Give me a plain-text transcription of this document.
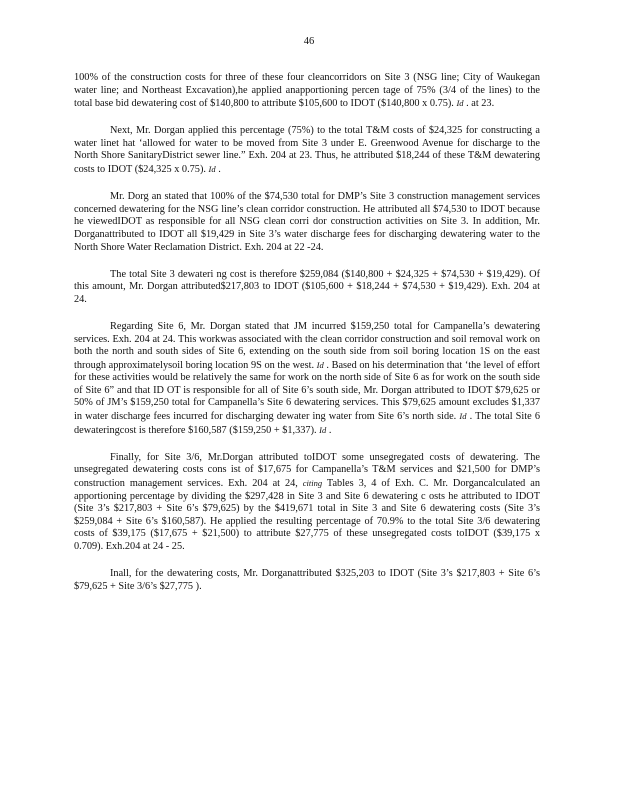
46

100% of the construction costs for three of these four cleancorridors on Site 3 (NSG line; City of Waukegan water line; and Northeast Excavation),he applied anapportioning percen tage of 75% (3/4 of the lines) to the total base bid dewatering cost of $140,800 to attribute $105,600 to IDOT ($140,800 x 0.75). Id . at 23.

Next, Mr. Dorgan applied this percentage (75%) to the total T&M costs of $24,325 for constructing a water linet hat ‘allowed for water to be moved from Site 3 under E. Greenwood Avenue for discharge to the North Shore SanitaryDistrict sewer line.” Exh. 204 at 23. Thus, he attributed $18,244 of these T&M dewatering costs to IDOT ($24,325 x 0.75). Id .

Mr. Dorg an stated that 100% of the $74,530 total for DMP’s Site 3 construction management services concerned dewatering for the NSG line’s clean corridor construction. He attributed all $74,530 to IDOT because he viewedIDOT as responsible for all NSG clean corri dor construction activities on Site 3. In addition, Mr. Dorganattributed to IDOT all $19,429 in Site 3’s water discharge fees for discharging dewatering water to the North Shore Water Reclamation District. Exh. 204 at 22 -24.

The total Site 3 dewateri ng cost is therefore $259,084 ($140,800 + $24,325 + $74,530 + $19,429). Of this amount, Mr. Dorgan attributed$217,803 to IDOT ($105,600 + $18,244 + $74,530 + $19,429). Exh. 204 at 24.

Regarding Site 6, Mr. Dorgan stated that JM incurred $159,250 total for Campanella’s dewatering services. Exh. 204 at 24. This workwas associated with the clean corridor construction and soil removal work on both the north and south sides of Site 6, extending on the south side from soil boring location 1S on the east through approximatelysoil boring location 9S on the west. Id . Based on his determination that ‘the level of effort for these activities would be relatively the same for work on the north side of Site 6 as for work on the south side of Site 6” and that ID OT is responsible for all of Site 6’s south side, Mr. Dorgan attributed to IDOT $79,625 or 50% of JM’s $159,250 total for Campanella’s Site 6 dewatering services. This $79,625 amount excludes $1,337 in water discharge fees incurred for discharging dewater ing water from Site 6’s north side. Id . The total Site 6 dewateringcost is therefore $160,587 ($159,250 + $1,337). Id .

Finally, for Site 3/6, Mr.Dorgan attributed toIDOT some unsegregated costs of dewatering. The unsegregated dewatering costs cons ist of $17,675 for Campanella’s T&M services and $21,500 for DMP’s construction management services. Exh. 204 at 24, citing Tables 3, 4 of Exh. C. Mr. Dorgancalculated an apportioning percentage by dividing the $297,428 in Site 3 and Site 6 dewatering c osts he attributed to IDOT (Site 3’s $217,803 + Site 6’s $79,625) by the $419,671 total in Site 3 and Site 6 dewatering costs (Site 3’s $259,084 + Site 6’s $160,587). He applied the resulting percentage of 70.9% to the total Site 3/6 dewatering costs of $39,175 ($17,675 + $21,500) to attribute $27,775 of these unsegregated costs toIDOT ($39,175 x 0.709). Exh.204 at 24 - 25.

Inall, for the dewatering costs, Mr. Dorganattributed $325,203 to IDOT (Site 3’s $217,803 + Site 6’s $79,625 + Site 3/6’s $27,775 ).
